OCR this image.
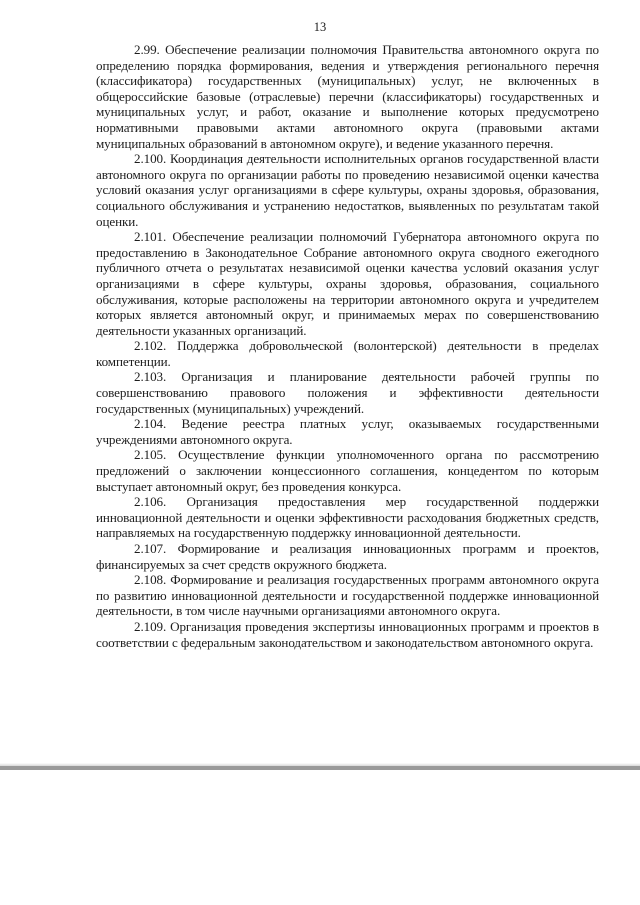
13

2.99. Обеспечение реализации полномочия Правительства автономного округа по определению порядка формирования, ведения и утверждения регионального перечня (классификатора) государственных (муниципальных) услуг, не включенных в общероссийские базовые (отраслевые) перечни (классификаторы) государственных и муниципальных услуг, и работ, оказание и выполнение которых предусмотрено нормативными правовыми актами автономного округа (правовыми актами муниципальных образований в автономном округе), и ведение указанного перечня.

2.100. Координация деятельности исполнительных органов государственной власти автономного округа по организации работы по проведению независимой оценки качества условий оказания услуг организациями в сфере культуры, охраны здоровья, образования, социального обслуживания и устранению недостатков, выявленных по результатам такой оценки.

2.101. Обеспечение реализации полномочий Губернатора автономного округа по предоставлению в Законодательное Собрание автономного округа сводного ежегодного публичного отчета о результатах независимой оценки качества условий оказания услуг организациями в сфере культуры, охраны здоровья, образования, социального обслуживания, которые расположены на территории автономного округа и учредителем которых является автономный округ, и принимаемых мерах по совершенствованию деятельности указанных организаций.

2.102. Поддержка добровольческой (волонтерской) деятельности в пределах компетенции.

2.103. Организация и планирование деятельности рабочей группы по совершенствованию правового положения и эффективности деятельности государственных (муниципальных) учреждений.

2.104. Ведение реестра платных услуг, оказываемых государственными учреждениями автономного округа.

2.105. Осуществление функции уполномоченного органа по рассмотрению предложений о заключении концессионного соглашения, концедентом по которым выступает автономный округ, без проведения конкурса.

2.106. Организация предоставления мер государственной поддержки инновационной деятельности и оценки эффективности расходования бюджетных средств, направляемых на государственную поддержку инновационной деятельности.

2.107. Формирование и реализация инновационных программ и проектов, финансируемых за счет средств окружного бюджета.

2.108. Формирование и реализация государственных программ автономного округа по развитию инновационной деятельности и государственной поддержке инновационной деятельности, в том числе научными организациями автономного округа.

2.109. Организация проведения экспертизы инновационных программ и проектов в соответствии с федеральным законодательством и законодательством автономного округа.
